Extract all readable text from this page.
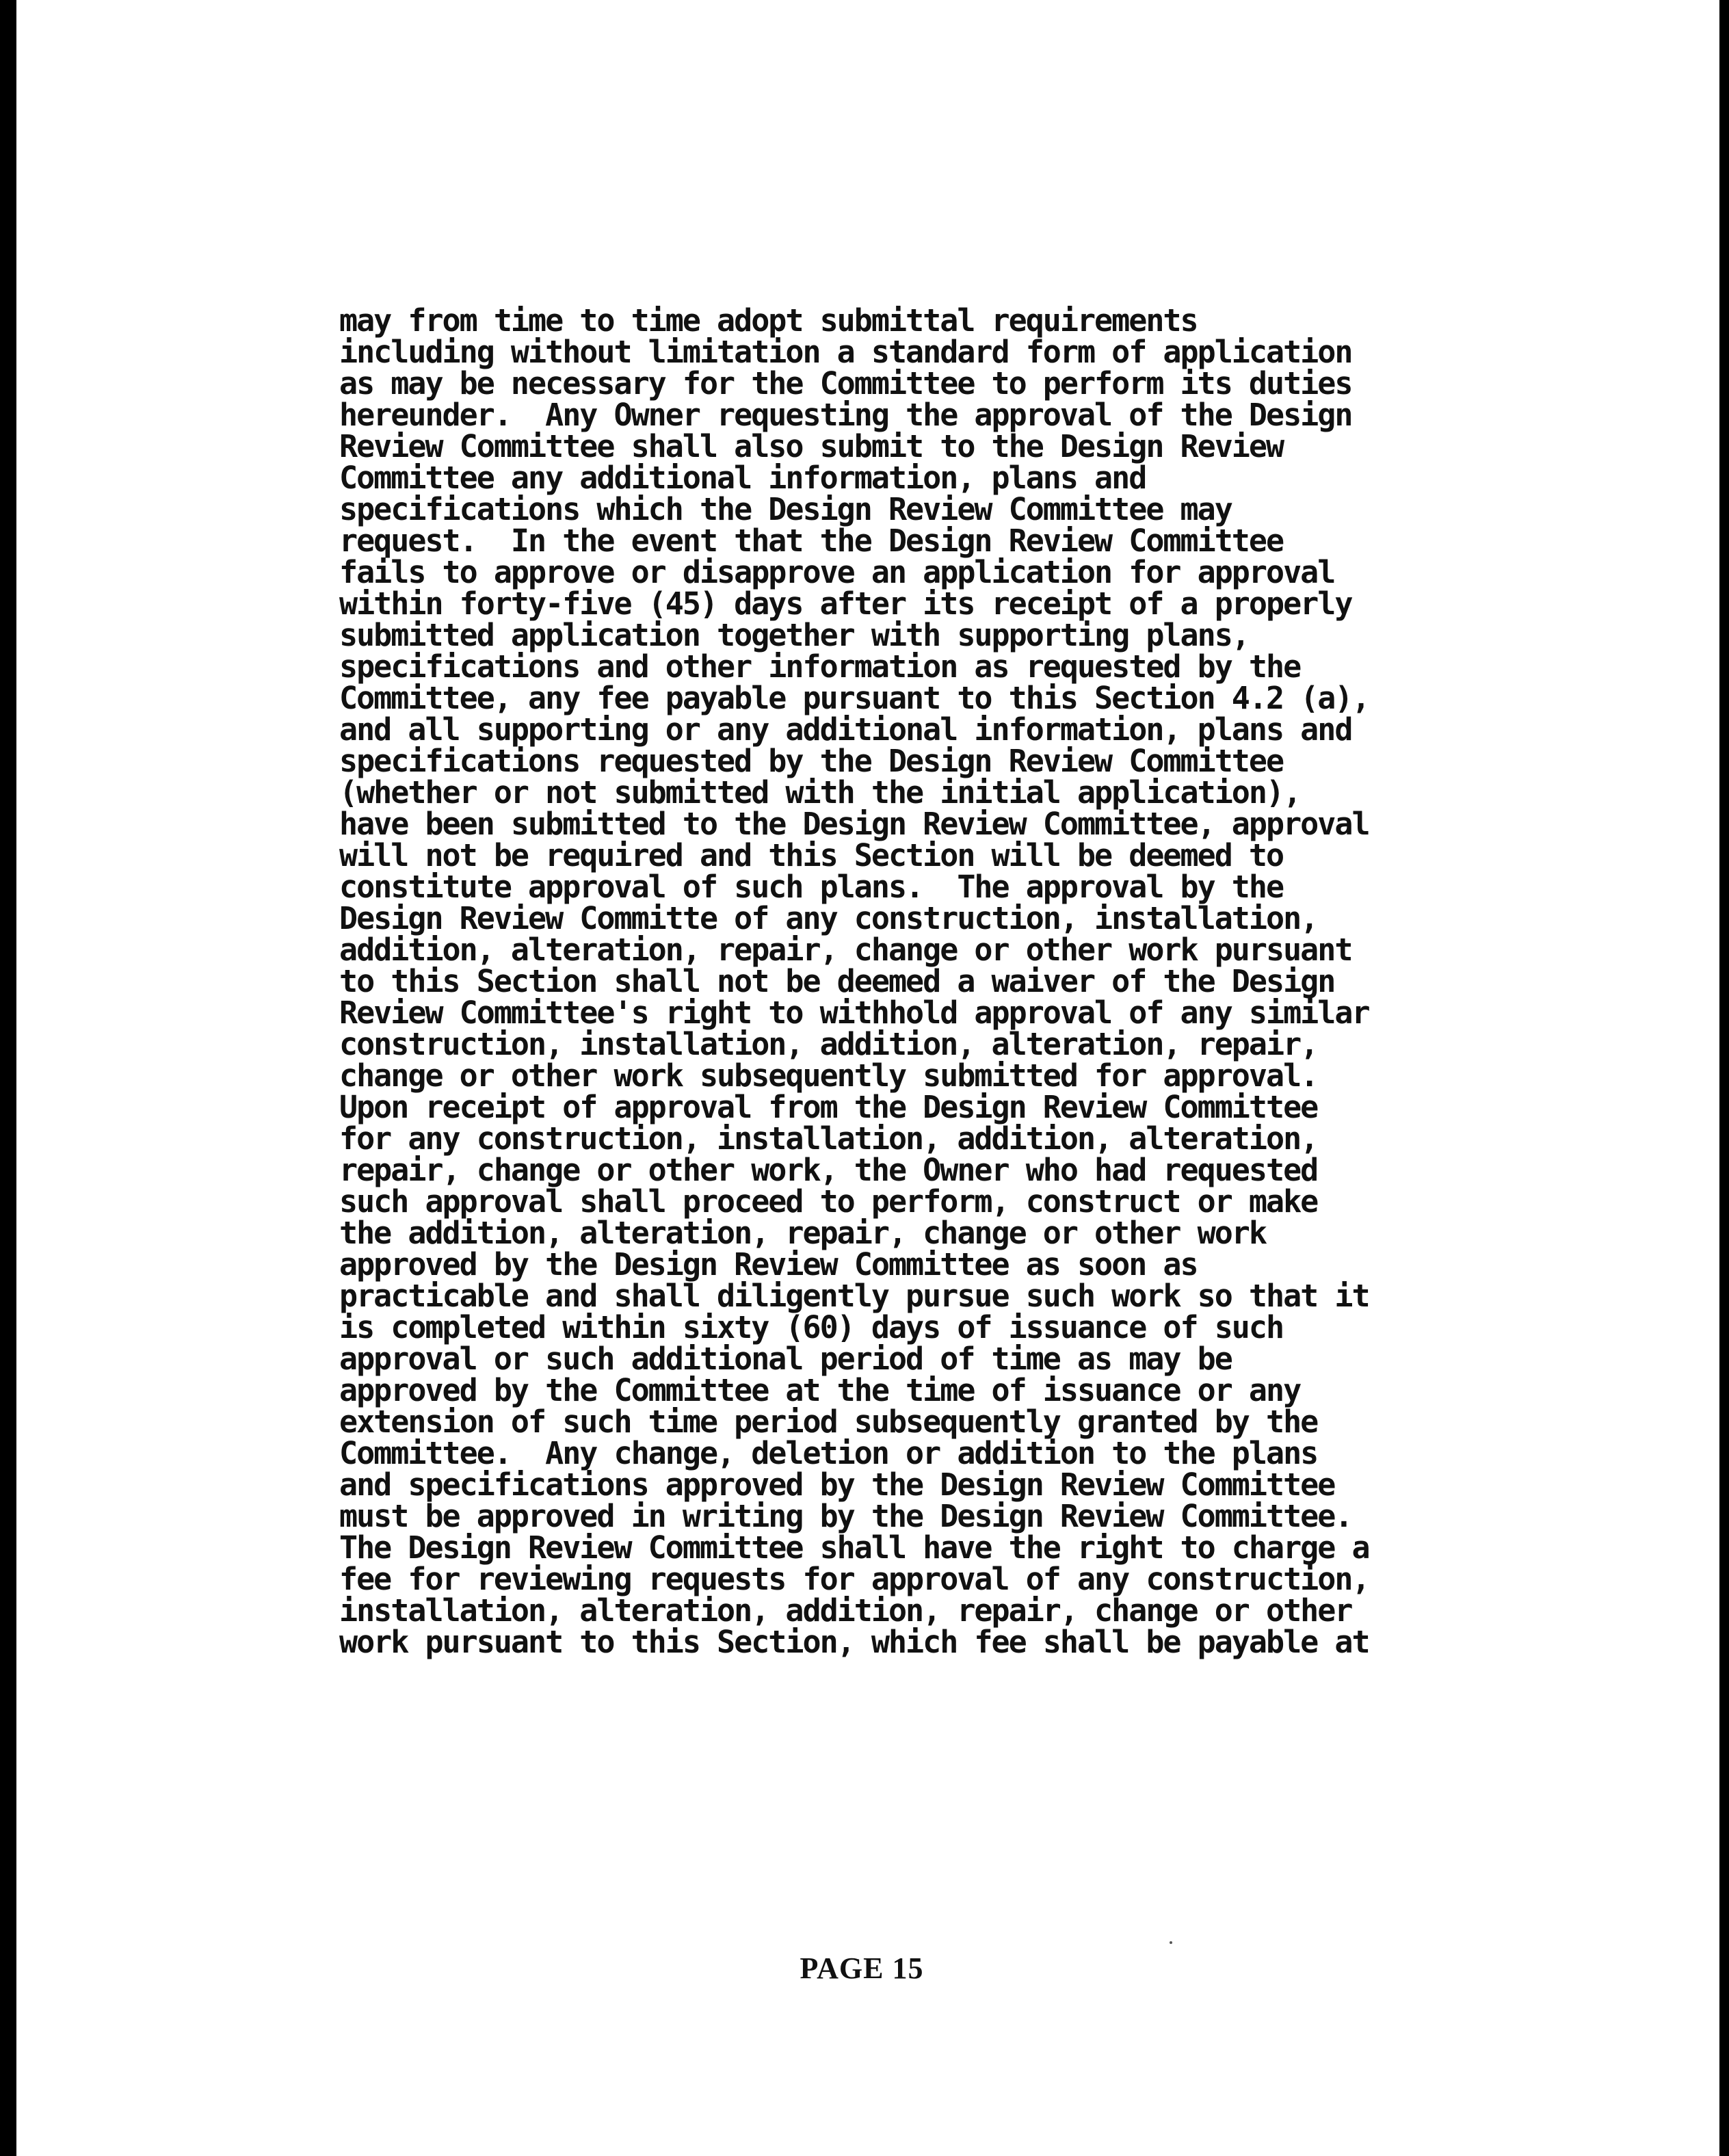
may from time to time adopt submittal requirements
including without limitation a standard form of application
as may be necessary for the Committee to perform its duties
hereunder.  Any Owner requesting the approval of the Design
Review Committee shall also submit to the Design Review
Committee any additional information, plans and
specifications which the Design Review Committee may
request.  In the event that the Design Review Committee
fails to approve or disapprove an application for approval
within forty-five (45) days after its receipt of a properly
submitted application together with supporting plans,
specifications and other information as requested by the
Committee, any fee payable pursuant to this Section 4.2 (a),
and all supporting or any additional information, plans and
specifications requested by the Design Review Committee
(whether or not submitted with the initial application),
have been submitted to the Design Review Committee, approval
will not be required and this Section will be deemed to
constitute approval of such plans.  The approval by the
Design Review Committe of any construction, installation,
addition, alteration, repair, change or other work pursuant
to this Section shall not be deemed a waiver of the Design
Review Committee's right to withhold approval of any similar
construction, installation, addition, alteration, repair,
change or other work subsequently submitted for approval.
Upon receipt of approval from the Design Review Committee
for any construction, installation, addition, alteration,
repair, change or other work, the Owner who had requested
such approval shall proceed to perform, construct or make
the addition, alteration, repair, change or other work
approved by the Design Review Committee as soon as
practicable and shall diligently pursue such work so that it
is completed within sixty (60) days of issuance of such
approval or such additional period of time as may be
approved by the Committee at the time of issuance or any
extension of such time period subsequently granted by the
Committee.  Any change, deletion or addition to the plans
and specifications approved by the Design Review Committee
must be approved in writing by the Design Review Committee.
The Design Review Committee shall have the right to charge a
fee for reviewing requests for approval of any construction,
installation, alteration, addition, repair, change or other
work pursuant to this Section, which fee shall be payable at
PAGE 15
